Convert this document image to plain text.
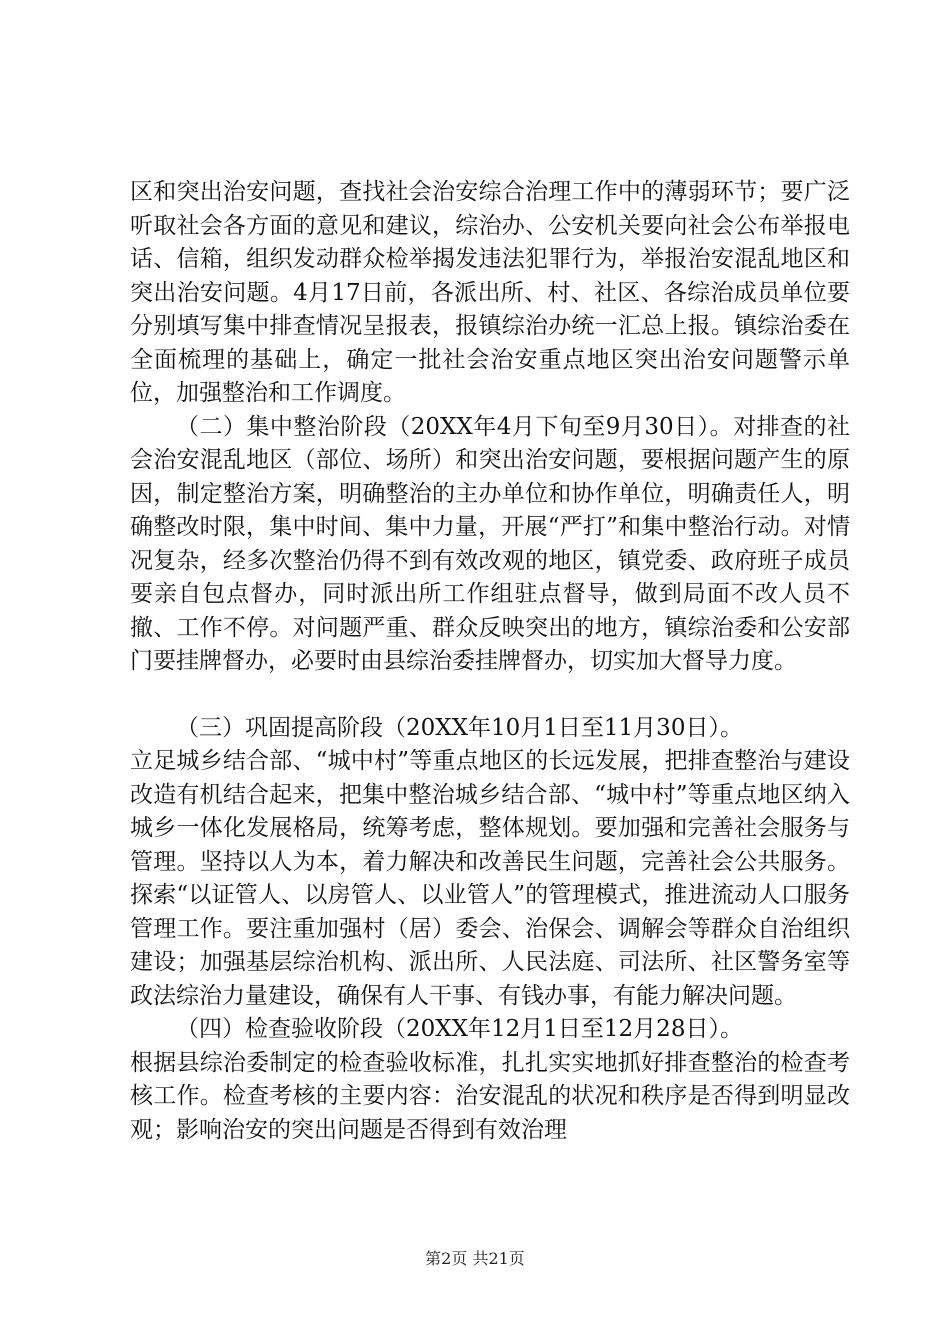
区和突出治安问题，查找社会治安综合治理工作中的薄弱环节；要广泛听取社会各方面的意见和建议，综治办、公安机关要向社会公布举报电话、信箱，组织发动群众检举揭发违法犯罪行为，举报治安混乱地区和突出治安问题。4月17日前，各派出所、村、社区、各综治成员单位要分别填写集中排查情况呈报表，报镇综治办统一汇总上报。镇综治委在全面梳理的基础上，确定一批社会治安重点地区突出治安问题警示单位，加强整治和工作调度。

（二）集中整治阶段（20XX年4月下旬至9月30日）。对排查的社会治安混乱地区（部位、场所）和突出治安问题，要根据问题产生的原因，制定整治方案，明确整治的主办单位和协作单位，明确责任人，明确整改时限，集中时间、集中力量，开展“严打”和集中整治行动。对情况复杂，经多次整治仍得不到有效改观的地区，镇党委、政府班子成员要亲自包点督办，同时派出所工作组驻点督导，做到局面不改人员不撤、工作不停。对问题严重、群众反映突出的地方，镇综治委和公安部门要挂牌督办，必要时由县综治委挂牌督办，切实加大督导力度。

（三）巩固提高阶段（20XX年10月1日至11月30日）。

立足城乡结合部、“城中村”等重点地区的长远发展，把排查整治与建设改造有机结合起来，把集中整治城乡结合部、“城中村”等重点地区纳入城乡一体化发展格局，统筹考虑，整体规划。要加强和完善社会服务与管理。坚持以人为本，着力解决和改善民生问题，完善社会公共服务。探索“以证管人、以房管人、以业管人”的管理模式，推进流动人口服务管理工作。要注重加强村（居）委会、治保会、调解会等群众自治组织建设；加强基层综治机构、派出所、人民法庭、司法所、社区警务室等政法综治力量建设，确保有人干事、有钱办事，有能力解决问题。

（四）检查验收阶段（20XX年12月1日至12月28日）。

根据县综治委制定的检查验收标准，扎扎实实地抓好排查整治的检查考核工作。检查考核的主要内容：治安混乱的状况和秩序是否得到明显改观；影响治安的突出问题是否得到有效治理

第2页 共21页
